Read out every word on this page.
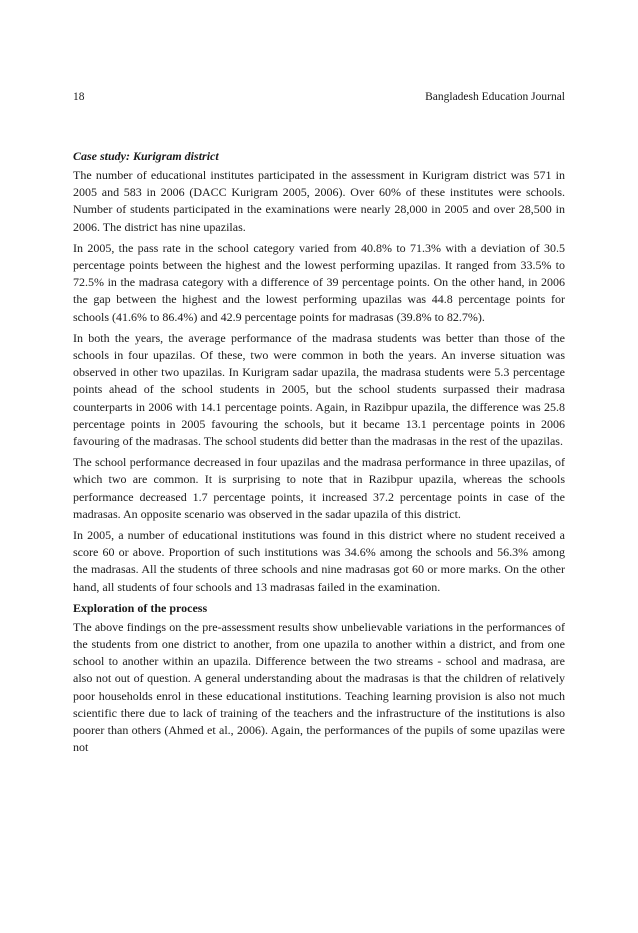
18	Bangladesh Education Journal
Case study: Kurigram district

The number of educational institutes participated in the assessment in Kurigram district was 571 in 2005 and 583 in 2006 (DACC Kurigram 2005, 2006). Over 60% of these institutes were schools. Number of students participated in the examinations were nearly 28,000 in 2005 and over 28,500 in 2006. The district has nine upazilas.

In 2005, the pass rate in the school category varied from 40.8% to 71.3% with a deviation of 30.5 percentage points between the highest and the lowest performing upazilas. It ranged from 33.5% to 72.5% in the madrasa category with a difference of 39 percentage points. On the other hand, in 2006 the gap between the highest and the lowest performing upazilas was 44.8 percentage points for schools (41.6% to 86.4%) and 42.9 percentage points for madrasas (39.8% to 82.7%).

In both the years, the average performance of the madrasa students was better than those of the schools in four upazilas. Of these, two were common in both the years. An inverse situation was observed in other two upazilas. In Kurigram sadar upazila, the madrasa students were 5.3 percentage points ahead of the school students in 2005, but the school students surpassed their madrasa counterparts in 2006 with 14.1 percentage points. Again, in Razibpur upazila, the difference was 25.8 percentage points in 2005 favouring the schools, but it became 13.1 percentage points in 2006 favouring of the madrasas. The school students did better than the madrasas in the rest of the upazilas.

The school performance decreased in four upazilas and the madrasa performance in three upazilas, of which two are common. It is surprising to note that in Razibpur upazila, whereas the schools performance decreased 1.7 percentage points, it increased 37.2 percentage points in case of the madrasas. An opposite scenario was observed in the sadar upazila of this district.

In 2005, a number of educational institutions was found in this district where no student received a score 60 or above. Proportion of such institutions was 34.6% among the schools and 56.3% among the madrasas. All the students of three schools and nine madrasas got 60 or more marks. On the other hand, all students of four schools and 13 madrasas failed in the examination.

Exploration of the process

The above findings on the pre-assessment results show unbelievable variations in the performances of the students from one district to another, from one upazila to another within a district, and from one school to another within an upazila. Difference between the two streams - school and madrasa, are also not out of question. A general understanding about the madrasas is that the children of relatively poor households enrol in these educational institutions. Teaching learning provision is also not much scientific there due to lack of training of the teachers and the infrastructure of the institutions is also poorer than others (Ahmed et al., 2006). Again, the performances of the pupils of some upazilas were not
